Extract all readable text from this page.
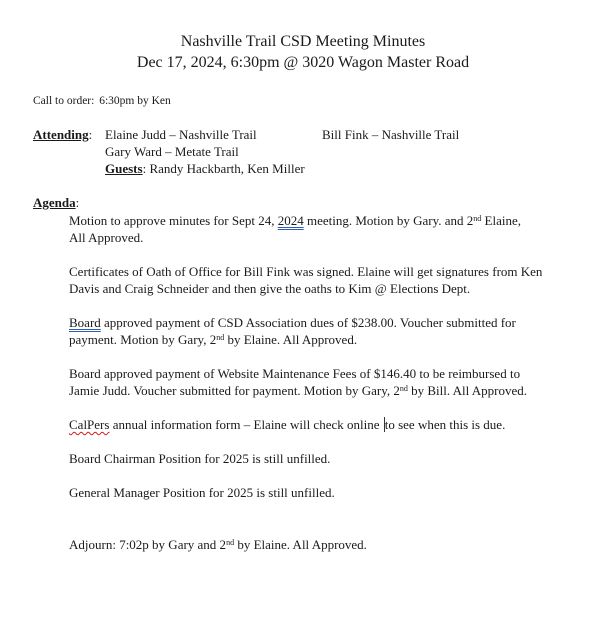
Nashville Trail CSD Meeting Minutes
Dec 17, 2024, 6:30pm @ 3020 Wagon Master Road
Call to order: 6:30pm by Ken
Attending: Elaine Judd – Nashville Trail	Bill Fink – Nashville Trail
Gary Ward – Metate Trail
Guests: Randy Hackbarth, Ken Miller
Agenda:
Motion to approve minutes for Sept 24, 2024 meeting. Motion by Gary. and 2nd Elaine,
All Approved.
Certificates of Oath of Office for Bill Fink was signed. Elaine will get signatures from Ken
Davis and Craig Schneider and then give the oaths to Kim @ Elections Dept.
Board approved payment of CSD Association dues of $238.00. Voucher submitted for
payment. Motion by Gary, 2nd by Elaine. All Approved.
Board approved payment of Website Maintenance Fees of $146.40 to be reimbursed to
Jamie Judd. Voucher submitted for payment. Motion by Gary, 2nd by Bill. All Approved.
CalPers annual information form – Elaine will check online to see when this is due.
Board Chairman Position for 2025 is still unfilled.
General Manager Position for 2025 is still unfilled.
Adjourn: 7:02p by Gary and 2nd by Elaine. All Approved.
